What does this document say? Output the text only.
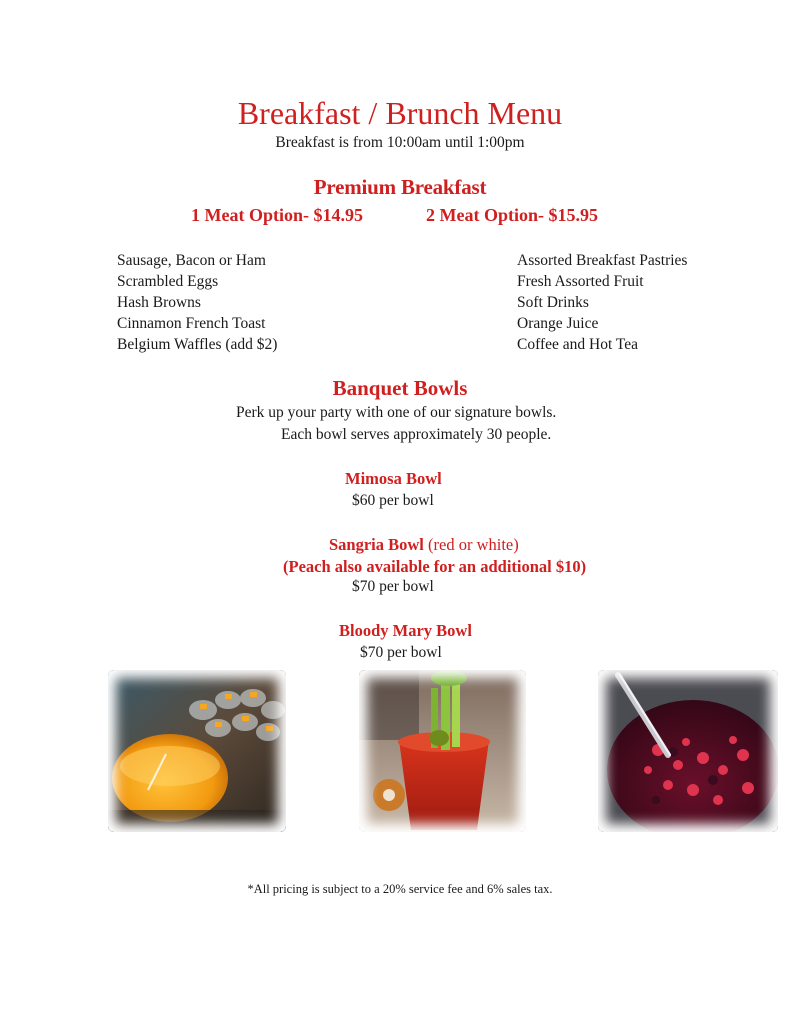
Breakfast / Brunch Menu
Breakfast is from 10:00am until 1:00pm
Premium Breakfast
1 Meat Option- $14.95	2 Meat Option- $15.95
Sausage, Bacon or Ham
Scrambled Eggs
Hash Browns
Cinnamon French Toast
Belgium Waffles (add $2)
Assorted Breakfast Pastries
Fresh Assorted Fruit
Soft Drinks
Orange Juice
Coffee and Hot Tea
Banquet Bowls
Perk up your party with one of our signature bowls.
Each bowl serves approximately 30 people.
Mimosa Bowl
$60 per bowl
Sangria Bowl (red or white)
(Peach also available for an additional $10)
$70 per bowl
Bloody Mary Bowl
$70 per bowl
*All pricing is subject to a 20% service fee and 6% sales tax.
